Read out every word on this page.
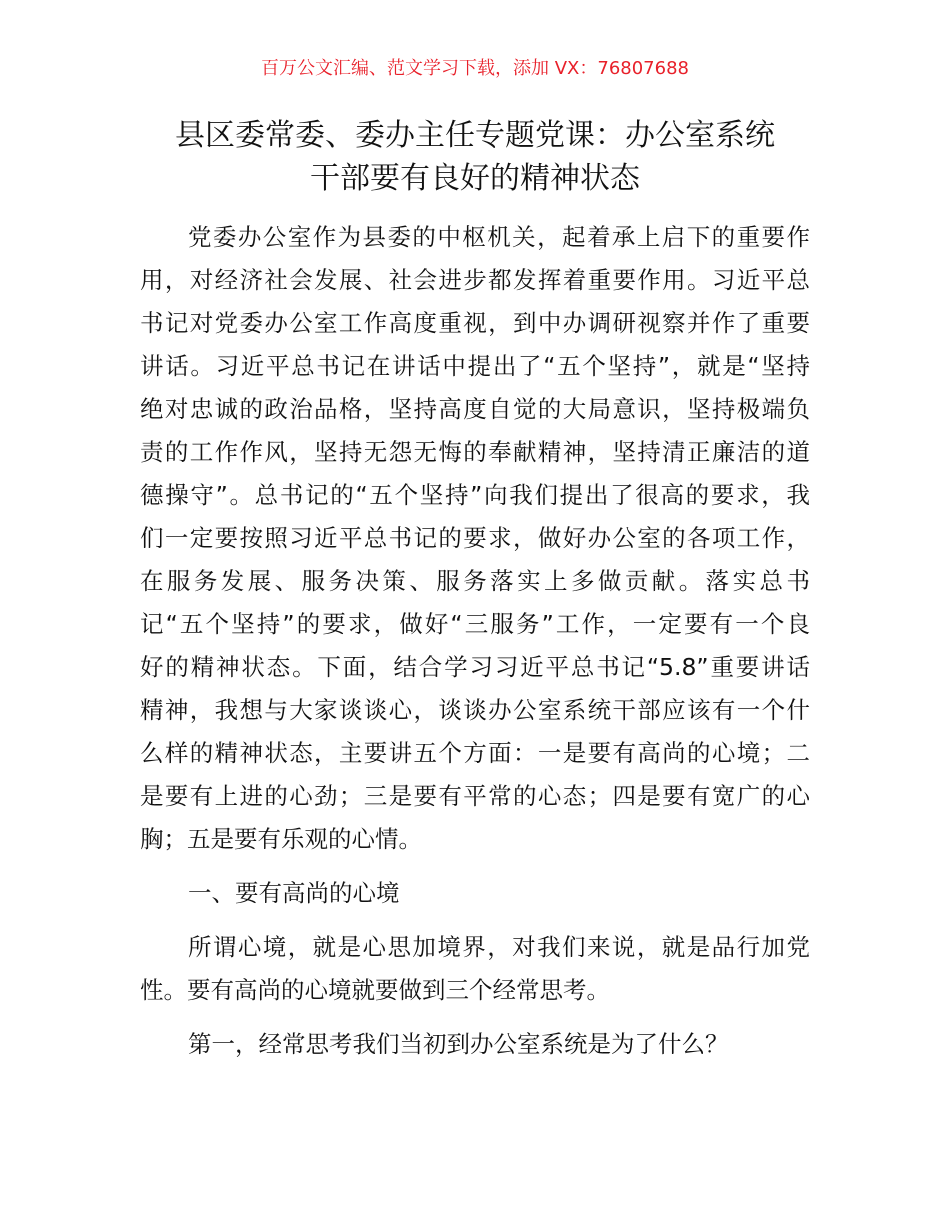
百万公文汇编、范文学习下载，添加 VX：76807688
县区委常委、委办主任专题党课：办公室系统
干部要有良好的精神状态
党委办公室作为县委的中枢机关，起着承上启下的重要作
用，对经济社会发展、社会进步都发挥着重要作用。习近平总
书记对党委办公室工作高度重视，到中办调研视察并作了重要
讲话。习近平总书记在讲话中提出了“五个坚持”，就是“坚持
绝对忠诚的政治品格，坚持高度自觉的大局意识，坚持极端负
责的工作作风，坚持无怨无悔的奉献精神，坚持清正廉洁的道
德操守”。总书记的“五个坚持”向我们提出了很高的要求，我
们一定要按照习近平总书记的要求，做好办公室的各项工作，
在服务发展、服务决策、服务落实上多做贡献。落实总书
记“五个坚持”的要求，做好“三服务”工作，一定要有一个良
好的精神状态。下面，结合学习习近平总书记“5.8”重要讲话
精神，我想与大家谈谈心，谈谈办公室系统干部应该有一个什
么样的精神状态，主要讲五个方面：一是要有高尚的心境；二
是要有上进的心劲；三是要有平常的心态；四是要有宽广的心
胸；五是要有乐观的心情。
一、要有高尚的心境
所谓心境，就是心思加境界，对我们来说，就是品行加党
性。要有高尚的心境就要做到三个经常思考。
第一，经常思考我们当初到办公室系统是为了什么？
